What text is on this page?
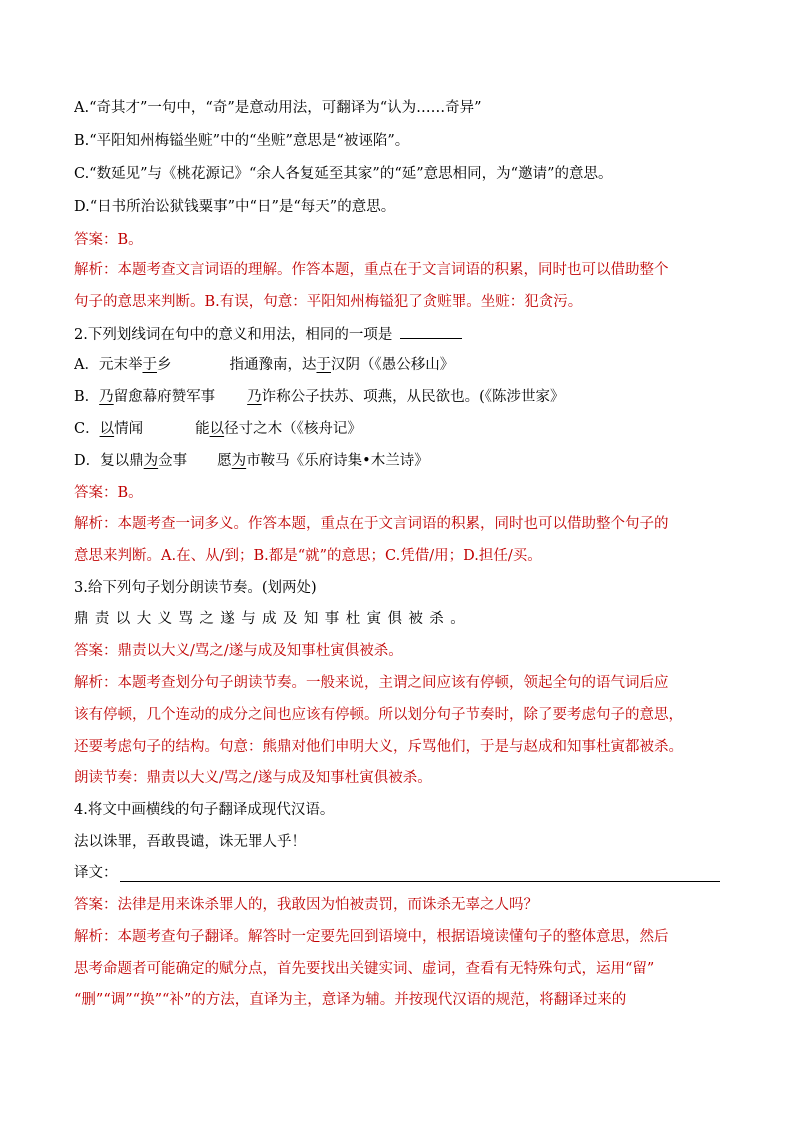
A.“奇其才”一句中，“奇”是意动用法，可翻译为“认为……奇异”
B.“平阳知州梅镒坐赃”中的“坐赃”意思是“被诬陷”。
C.“数延见”与《桃花源记》“余人各复延至其家”的“延”意思相同，为“邀请”的意思。
D.“日书所治讼狱钱粟事”中“日”是“每天”的意思。
答案：B。
解析：本题考查文言词语的理解。作答本题，重点在于文言词语的积累，同时也可以借助整个
句子的意思来判断。B.有误，句意：平阳知州梅镒犯了贪赃罪。坐赃：犯贪污。
2.下列划线词在句中的意义和用法，相同的一项是
A．元末举于乡	指通豫南，达于汉阴（《愚公移山》
B．乃留愈幕府赞军事 乃诈称公子扶苏、项燕，从民欲也。(《陈涉世家》
C．以情闻	能以径寸之木（《核舟记》
D．复以鼎为佥事 愿为市鞍马《乐府诗集•木兰诗》
答案：B。
解析：本题考查一词多义。作答本题，重点在于文言词语的积累，同时也可以借助整个句子的
意思来判断。A.在、从/到；B.都是“就”的意思；C.凭借/用；D.担任/买。
3.给下列句子划分朗读节奏。(划两处)
鼎责以大义骂之遂与成及知事杜寅俱被杀。
答案：鼎责以大义/骂之/遂与成及知事杜寅俱被杀。
解析：本题考查划分句子朗读节奏。一般来说，主谓之间应该有停顿，领起全句的语气词后应
该有停顿，几个连动的成分之间也应该有停顿。所以划分句子节奏时，除了要考虑句子的意思，
还要考虑句子的结构。句意：熊鼎对他们申明大义，斥骂他们，于是与赵成和知事杜寅都被杀。
朗读节奏：鼎责以大义/骂之/遂与成及知事杜寅俱被杀。
4.将文中画横线的句子翻译成现代汉语。
法以诛罪，吾敢畏谴，诛无罪人乎！
译文：
答案：法律是用来诛杀罪人的，我敢因为怕被责罚，而诛杀无辜之人吗？
解析：本题考查句子翻译。解答时一定要先回到语境中，根据语境读懂句子的整体意思，然后
思考命题者可能确定的赋分点，首先要找出关键实词、虚词，查看有无特殊句式，运用“留”
“删”“调”“换”“补”的方法，直译为主，意译为辅。并按现代汉语的规范，将翻译过来的
